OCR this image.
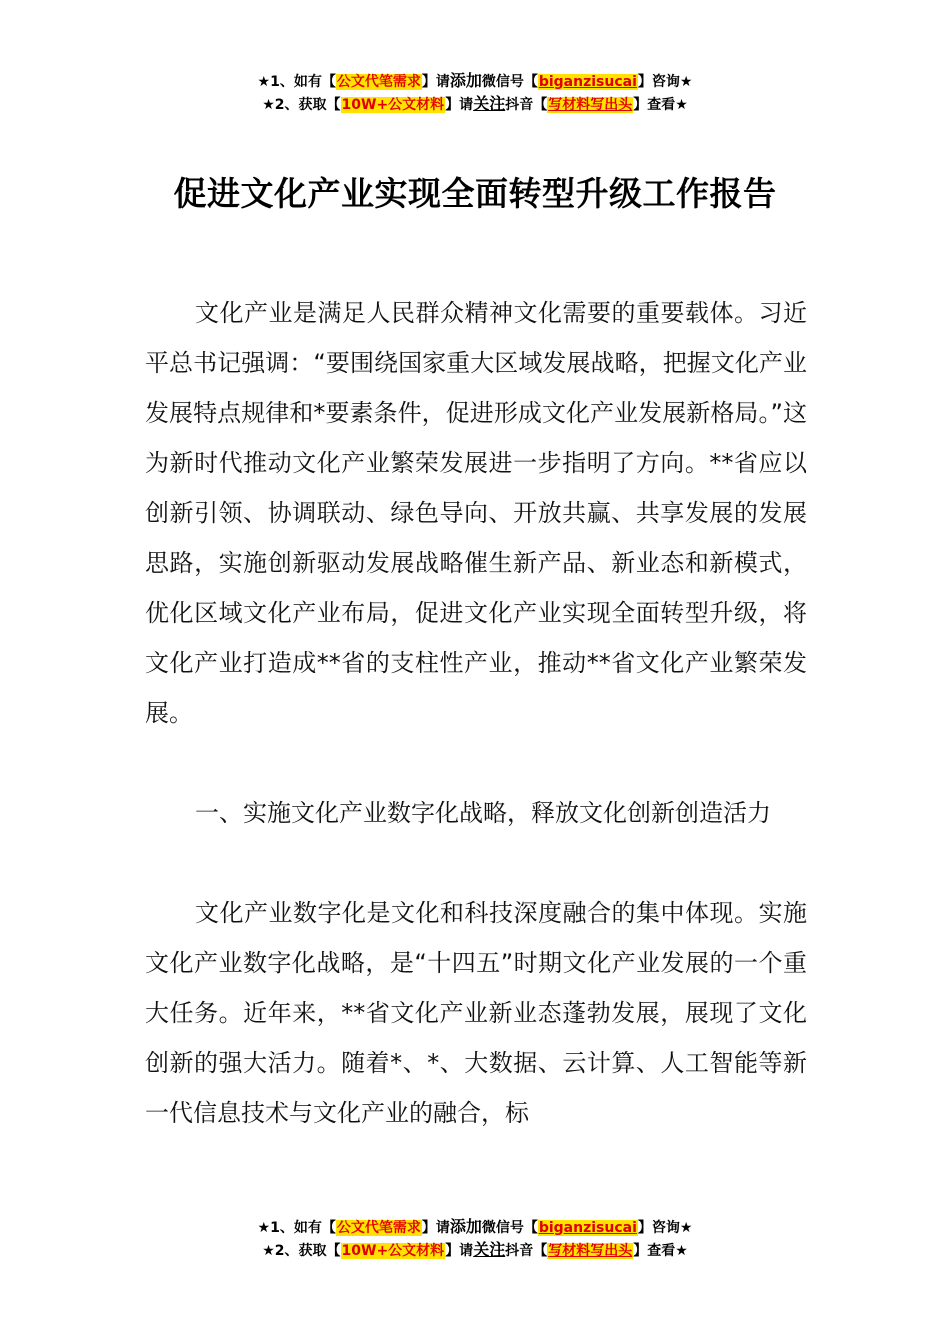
★1、如有【公文代笔需求】请添加微信号【biganzisucai】咨询★
★2、获取【10W+公文材料】请关注抖音【写材料写出头】查看★
促进文化产业实现全面转型升级工作报告

文化产业是满足人民群众精神文化需要的重要载体。习近平总书记强调：“要围绕国家重大区域发展战略，把握文化产业发展特点规律和*要素条件，促进形成文化产业发展新格局。”这为新时代推动文化产业繁荣发展进一步指明了方向。**省应以创新引领、协调联动、绿色导向、开放共赢、共享发展的发展思路，实施创新驱动发展战略催生新产品、新业态和新模式，优化区域文化产业布局，促进文化产业实现全面转型升级，将文化产业打造成**省的支柱性产业，推动**省文化产业繁荣发展。

一、实施文化产业数字化战略，释放文化创新创造活力

文化产业数字化是文化和科技深度融合的集中体现。实施文化产业数字化战略，是“十四五”时期文化产业发展的一个重大任务。近年来，**省文化产业新业态蓬勃发展，展现了文化创新的强大活力。随着*、*、大数据、云计算、人工智能等新一代信息技术与文化产业的融合，标

★1、如有【公文代笔需求】请添加微信号【biganzisucai】咨询★
★2、获取【10W+公文材料】请关注抖音【写材料写出头】查看★
